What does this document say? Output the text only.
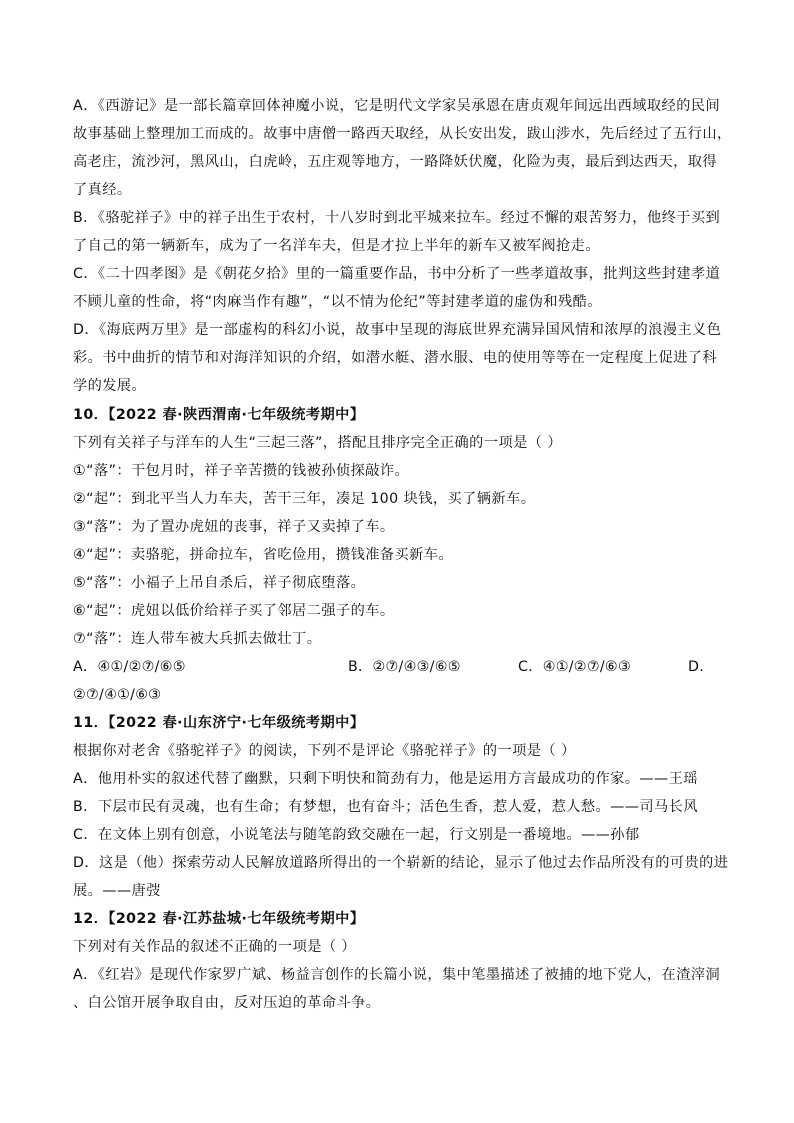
A．《西游记》是一部长篇章回体神魔小说，它是明代文学家吴承恩在唐贞观年间远出西域取经的民间
故事基础上整理加工而成的。故事中唐僧一路西天取经，从长安出发，跋山涉水，先后经过了五行山，
高老庄，流沙河，黑风山，白虎岭，五庄观等地方，一路降妖伏魔，化险为夷，最后到达西天，取得
了真经。
B．《骆驼祥子》中的祥子出生于农村，十八岁时到北平城来拉车。经过不懈的艰苦努力，他终于买到
了自己的第一辆新车，成为了一名洋车夫，但是才拉上半年的新车又被军阀抢走。
C．《二十四孝图》是《朝花夕拾》里的一篇重要作品，书中分析了一些孝道故事，批判这些封建孝道
不顾儿童的性命，将“肉麻当作有趣”，“以不情为伦纪”等封建孝道的虚伪和残酷。
D．《海底两万里》是一部虚构的科幻小说，故事中呈现的海底世界充满异国风情和浓厚的浪漫主义色
彩。书中曲折的情节和对海洋知识的介绍，如潜水艇、潜水服、电的使用等等在一定程度上促进了科
学的发展。
10．【2022 春·陕西渭南·七年级统考期中】
下列有关祥子与洋车的人生“三起三落”，搭配且排序完全正确的一项是（ ）
①“落”：干包月时，祥子辛苦攒的钱被孙侦探敲诈。
②“起”：到北平当人力车夫，苦干三年，凑足 100 块钱，买了辆新车。
③“落”：为了置办虎妞的丧事，祥子又卖掉了车。
④“起”：卖骆驼，拼命拉车，省吃俭用，攒钱准备买新车。
⑤“落”：小福子上吊自杀后，祥子彻底堕落。
⑥“起”：虎妞以低价给祥子买了邻居二强子的车。
⑦“落”：连人带车被大兵抓去做壮丁。
A．④①/②⑦/⑥⑤	B．②⑦/④③/⑥⑤	C．④①/②⑦/⑥③	D．
②⑦/④①/⑥③
11．【2022 春·山东济宁·七年级统考期中】
根据你对老舍《骆驼祥子》的阅读，下列不是评论《骆驼祥子》的一项是（ ）
A．他用朴实的叙述代替了幽默，只剩下明快和简劲有力，他是运用方言最成功的作家。——王瑶
B．下层市民有灵魂，也有生命；有梦想，也有奋斗；活色生香，惹人爱，惹人愁。——司马长风
C．在文体上别有创意，小说笔法与随笔韵致交融在一起，行文别是一番境地。——孙郁
D．这是（他）探索劳动人民解放道路所得出的一个崭新的结论，显示了他过去作品所没有的可贵的进
展。——唐弢
12．【2022 春·江苏盐城·七年级统考期中】
下列对有关作品的叙述不正确的一项是（ ）
A．《红岩》是现代作家罗广斌、杨益言创作的长篇小说，集中笔墨描述了被捕的地下党人，在渣滓洞
、白公馆开展争取自由，反对压迫的革命斗争。
